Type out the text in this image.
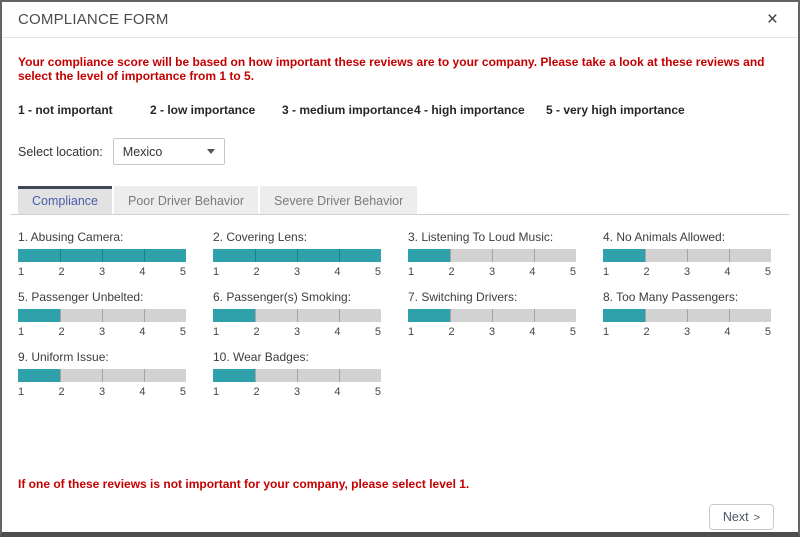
COMPLIANCE FORM	×

Your compliance score will be based on how important these reviews are to your company. Please take a look at these reviews and select the level of importance from 1 to 5.

1 - not important	2 - low importance	3 - medium importance 4 - high importance	5 - very high importance
Select location: Mexico
Compliance	Poor Driver Behavior	Severe Driver Behavior
1. Abusing Camera:
1	2	3	4	5
2. Covering Lens:
1	2	3	4	5
3. Listening To Loud Music:
1	2	3	4	5
4. No Animals Allowed:
1	2	3	4	5
5. Passenger Unbelted:
1	2	3	4	5
6. Passenger(s) Smoking:
1	2	3	4	5
7. Switching Drivers:
1	2	3	4	5
8. Too Many Passengers:
1	2	3	4	5
9. Uniform Issue:
1	2	3	4	5
10. Wear Badges:
1	2	3	4	5

If one of these reviews is not important for your company, please select level 1.

Next >
